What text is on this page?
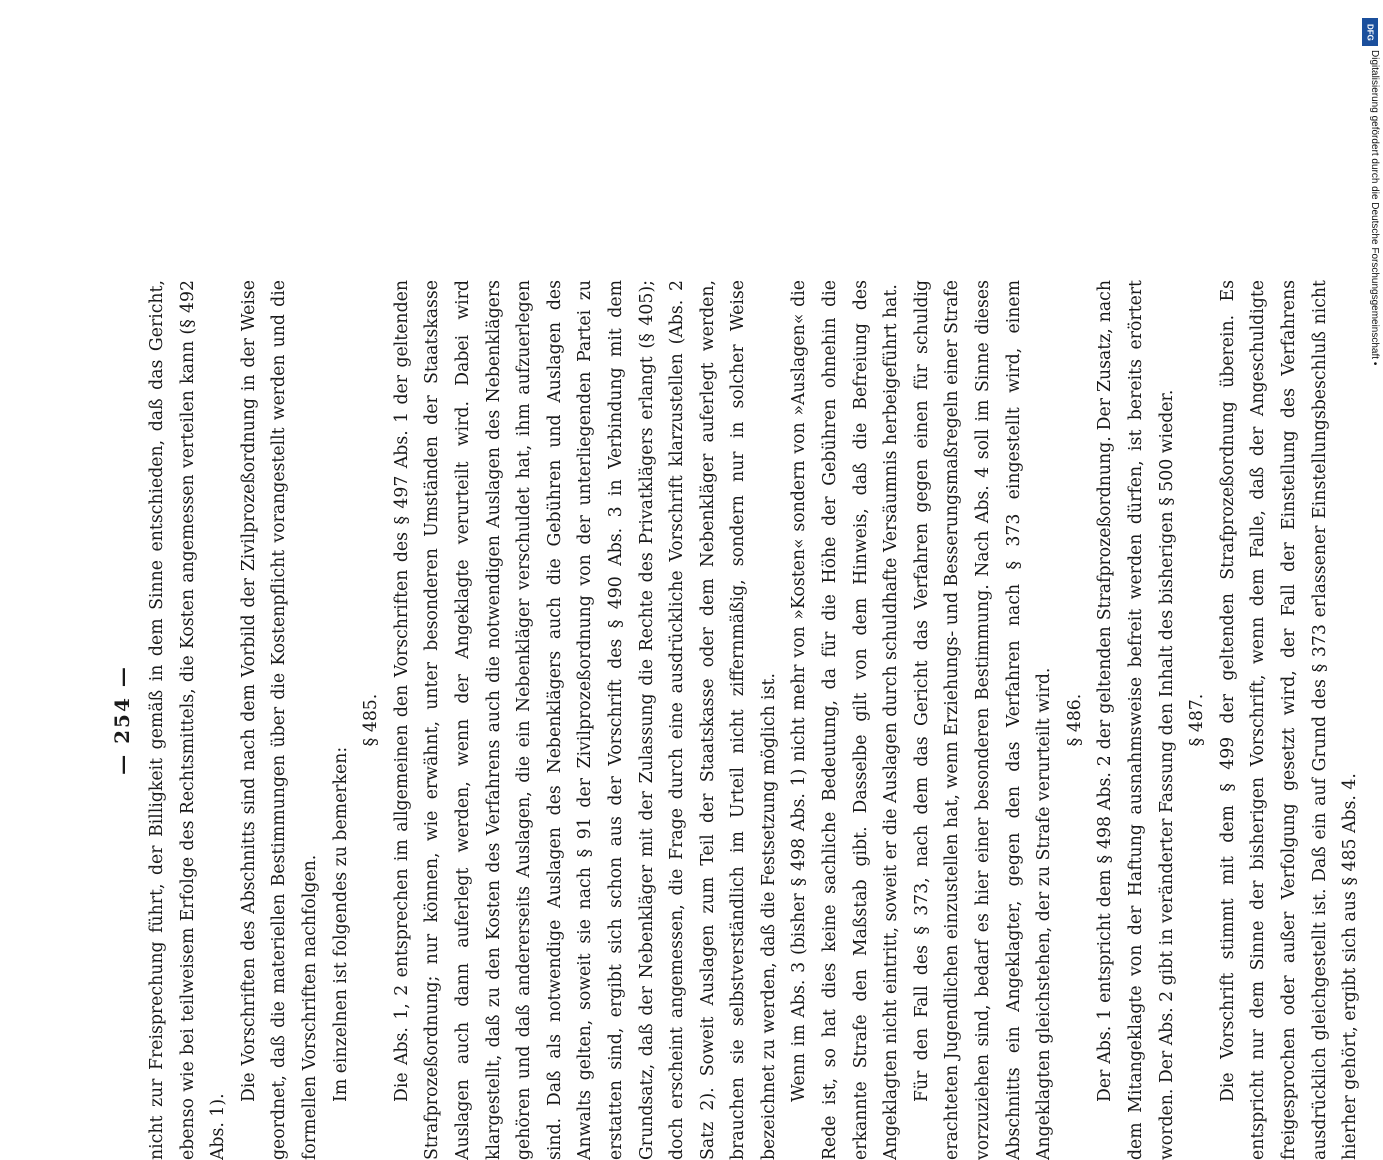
— 254 — nicht zur Freisprechung führt, der Billigkeit gemäß in dem Sinne entschieden, daß das Gericht, ebenso wie bei teilweisem Erfolge des Rechtsmittels, die Kosten angemessen verteilen kann (§ 492 Abs. 1).

Die Vorschriften des Abschnitts sind nach dem Vorbild der Zivilprozeßordnung in der Weise geordnet, daß die materiellen Bestimmungen über die Kostenpflicht vorangestellt werden und die formellen Vorschriften nachfolgen. Im einzelnen ist folgendes zu bemerken:

§ 485. Die Abs. 1, 2 entsprechen im allgemeinen den Vorschriften des § 497 Abs. 1 der geltenden Strafprozeßordnung; nur können, wie erwähnt, unter besonderen Umständen der Staatskasse Auslagen auch dann auferlegt werden, wenn der Angeklagte verurteilt wird. Dabei wird klargestellt, daß zu den Kosten des Verfahrens auch die notwendigen Auslagen des Nebenklägers gehören und daß andererseits Auslagen, die ein Nebenkläger verschuldet hat, ihm aufzuerlegen sind. Daß als notwendige Auslagen des Nebenklägers auch die Gebühren und Auslagen des Anwalts gelten, soweit sie nach § 91 der Zivilprozeßordnung von der unterliegenden Partei zu erstatten sind, ergibt sich schon aus der Vorschrift des § 490 Abs. 3 in Verbindung mit dem Grundsatz, daß der Nebenkläger mit der Zulassung die Rechte des Privatklägers erlangt (§ 405); doch erscheint angemessen, die Frage durch eine ausdrückliche Vorschrift klarzustellen (Abs. 2 Satz 2). Soweit Auslagen zum Teil der Staatskasse oder dem Nebenkläger auferlegt werden, brauchen sie selbstverständlich im Urteil nicht ziffernmäßig, sondern nur in solcher Weise bezeichnet zu werden, daß die Festsetzung möglich ist. Wenn im Abs. 3 (bisher § 498 Abs. 1) nicht mehr von »Kosten« sondern von »Auslagen« die Rede ist, so hat dies keine sachliche Bedeutung, da für die Höhe der Gebühren ohnehin die erkannte Strafe den Maßstab gibt. Dasselbe gilt von dem Hinweis, daß die Befreiung des Angeklagten nicht eintritt, soweit er die Auslagen durch schuldhafte Versäumnis herbeigeführt hat. Für den Fall des § 373, nach dem das Gericht das Verfahren gegen einen für schuldig erachteten Jugendlichen einzustellen hat, wenn Erziehungs- und Besserungsmaßregeln einer Strafe vorzuziehen sind, bedarf es hier einer besonderen Bestimmung. Nach Abs. 4 soll im Sinne dieses Abschnitts ein Angeklagter, gegen den das Verfahren nach § 373 eingestellt wird, einem Angeklagten gleichstehen, der zu Strafe verurteilt wird. § 486. Der Abs. 1 entspricht dem § 498 Abs. 2 der geltenden Strafprozeßordnung. Der Zusatz, nach dem Mitangeklagte von der Haftung ausnahmsweise befreit werden dürfen, ist bereits erörtert worden. Der Abs. 2 gibt in veränderter Fassung den Inhalt des bisherigen § 500 wieder. § 487. Die Vorschrift stimmt mit dem § 499 der geltenden Strafprozeßordnung überein. Es entspricht nur dem Sinne der bisherigen Vorschrift, wenn dem Falle, daß der Angeschuldigte freigesprochen oder außer Verfolgung gesetzt wird, der Fall der Einstellung des Verfahrens ausdrücklich gleichgestellt ist. Daß ein auf Grund des § 373 erlassener Einstellungsbeschluß nicht hierher gehört, ergibt sich aus § 485 Abs. 4.

DFG
Digitalisierung gefördert durch die Deutsche Forschungsgemeinschaft •
